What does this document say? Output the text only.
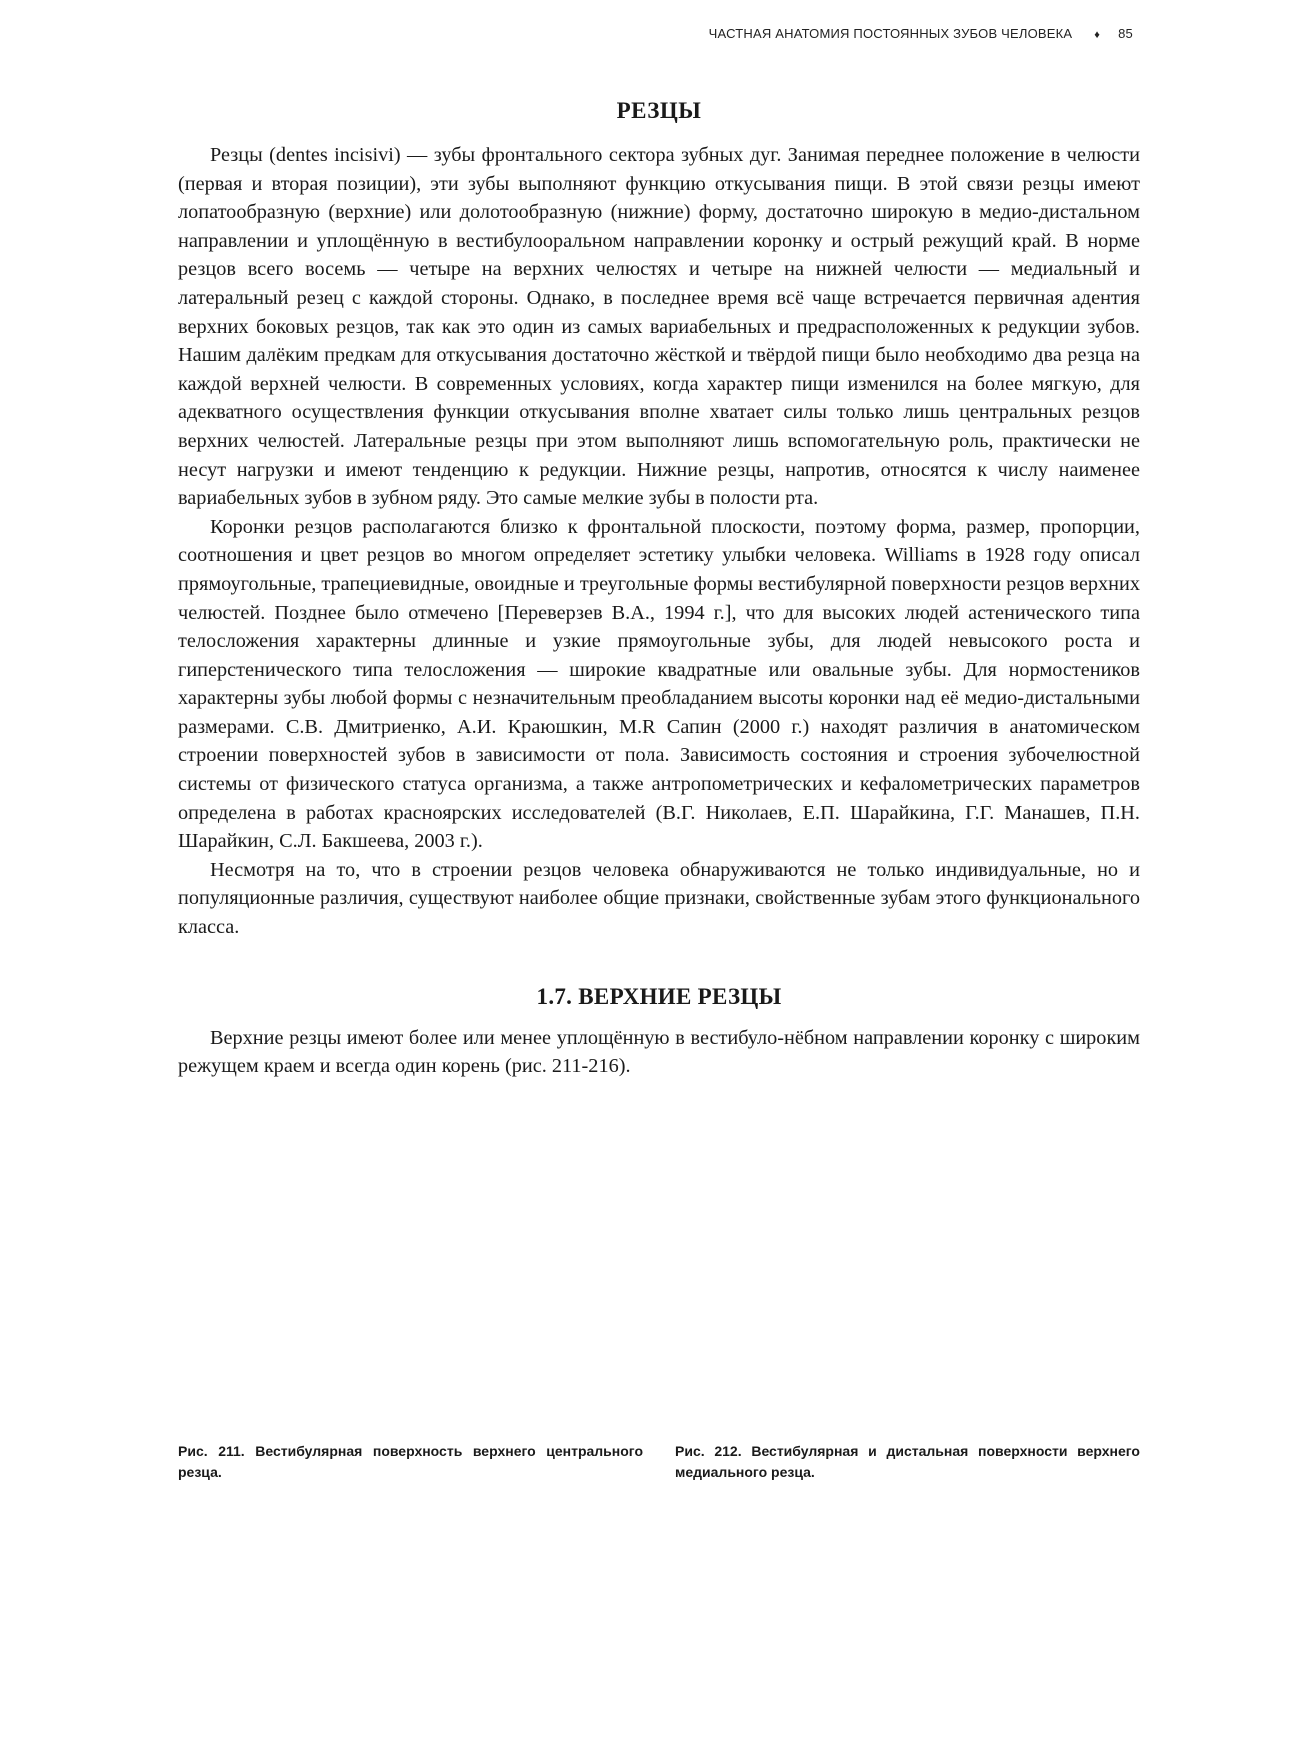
ЧАСТНАЯ АНАТОМИЯ ПОСТОЯННЫХ ЗУБОВ ЧЕЛОВЕКА ♦ 85
РЕЗЦЫ

Резцы (dentes incisivi) — зубы фронтального сектора зубных дуг. Занимая переднее положение в челюсти (первая и вторая позиции), эти зубы выполняют функцию откусывания пищи. В этой связи резцы имеют лопатообразную (верхние) или долотообразную (нижние) форму, достаточно широкую в медио-дистальном направлении и уплощённую в вестибулооральном направлении коронку и острый режущий край. В норме резцов всего восемь — четыре на верхних челюстях и четыре на нижней челюсти — медиальный и латеральный резец с каждой стороны. Однако, в последнее время всё чаще встречается первичная адентия верхних боковых резцов, так как это один из самых вариабельных и предрасположенных к редукции зубов. Нашим далёким предкам для откусывания достаточно жёсткой и твёрдой пищи было необходимо два резца на каждой верхней челюсти. В современных условиях, когда характер пищи изменился на более мягкую, для адекватного осуществления функции откусывания вполне хватает силы только лишь центральных резцов верхних челюстей. Латеральные резцы при этом выполняют лишь вспомогательную роль, практически не несут нагрузки и имеют тенденцию к редукции. Нижние резцы, напротив, относятся к числу наименее вариабельных зубов в зубном ряду. Это самые мелкие зубы в полости рта.

Коронки резцов располагаются близко к фронтальной плоскости, поэтому форма, размер, пропорции, соотношения и цвет резцов во многом определяет эстетику улыбки человека. Williams в 1928 году описал прямоугольные, трапециевидные, овоидные и треугольные формы вестибулярной поверхности резцов верхних челюстей. Позднее было отмечено [Переверзев В.А., 1994 г.], что для высоких людей астенического типа телосложения характерны длинные и узкие прямоугольные зубы, для людей невысокого роста и гиперстенического типа телосложения — широкие квадратные или овальные зубы. Для нормостеников характерны зубы любой формы с незначительным преобладанием высоты коронки над её медио-дистальными размерами. С.В. Дмитриенко, А.И. Краюшкин, М.R Сапин (2000 г.) находят различия в анатомическом строении поверхностей зубов в зависимости от пола. Зависимость состояния и строения зубочелюстной системы от физического статуса организма, а также антропометрических и кефалометрических параметров определена в работах красноярских исследователей (В.Г. Николаев, Е.П. Шарайкина, Г.Г. Манашев, П.Н. Шарайкин, С.Л. Бакшеева, 2003 г.).

Несмотря на то, что в строении резцов человека обнаруживаются не только индивидуальные, но и популяционные различия, существуют наиболее общие признаки, свойственные зубам этого функционального класса.

1.7. ВЕРХНИЕ РЕЗЦЫ

Верхние резцы имеют более или менее уплощённую в вестибуло-нёбном направлении коронку с широким режущем краем и всегда один корень (рис. 211-216).

Рис. 211. Вестибулярная поверхность верхнего центрального резца.
Рис. 212. Вестибулярная и дистальная поверхности верхнего медиального резца.
